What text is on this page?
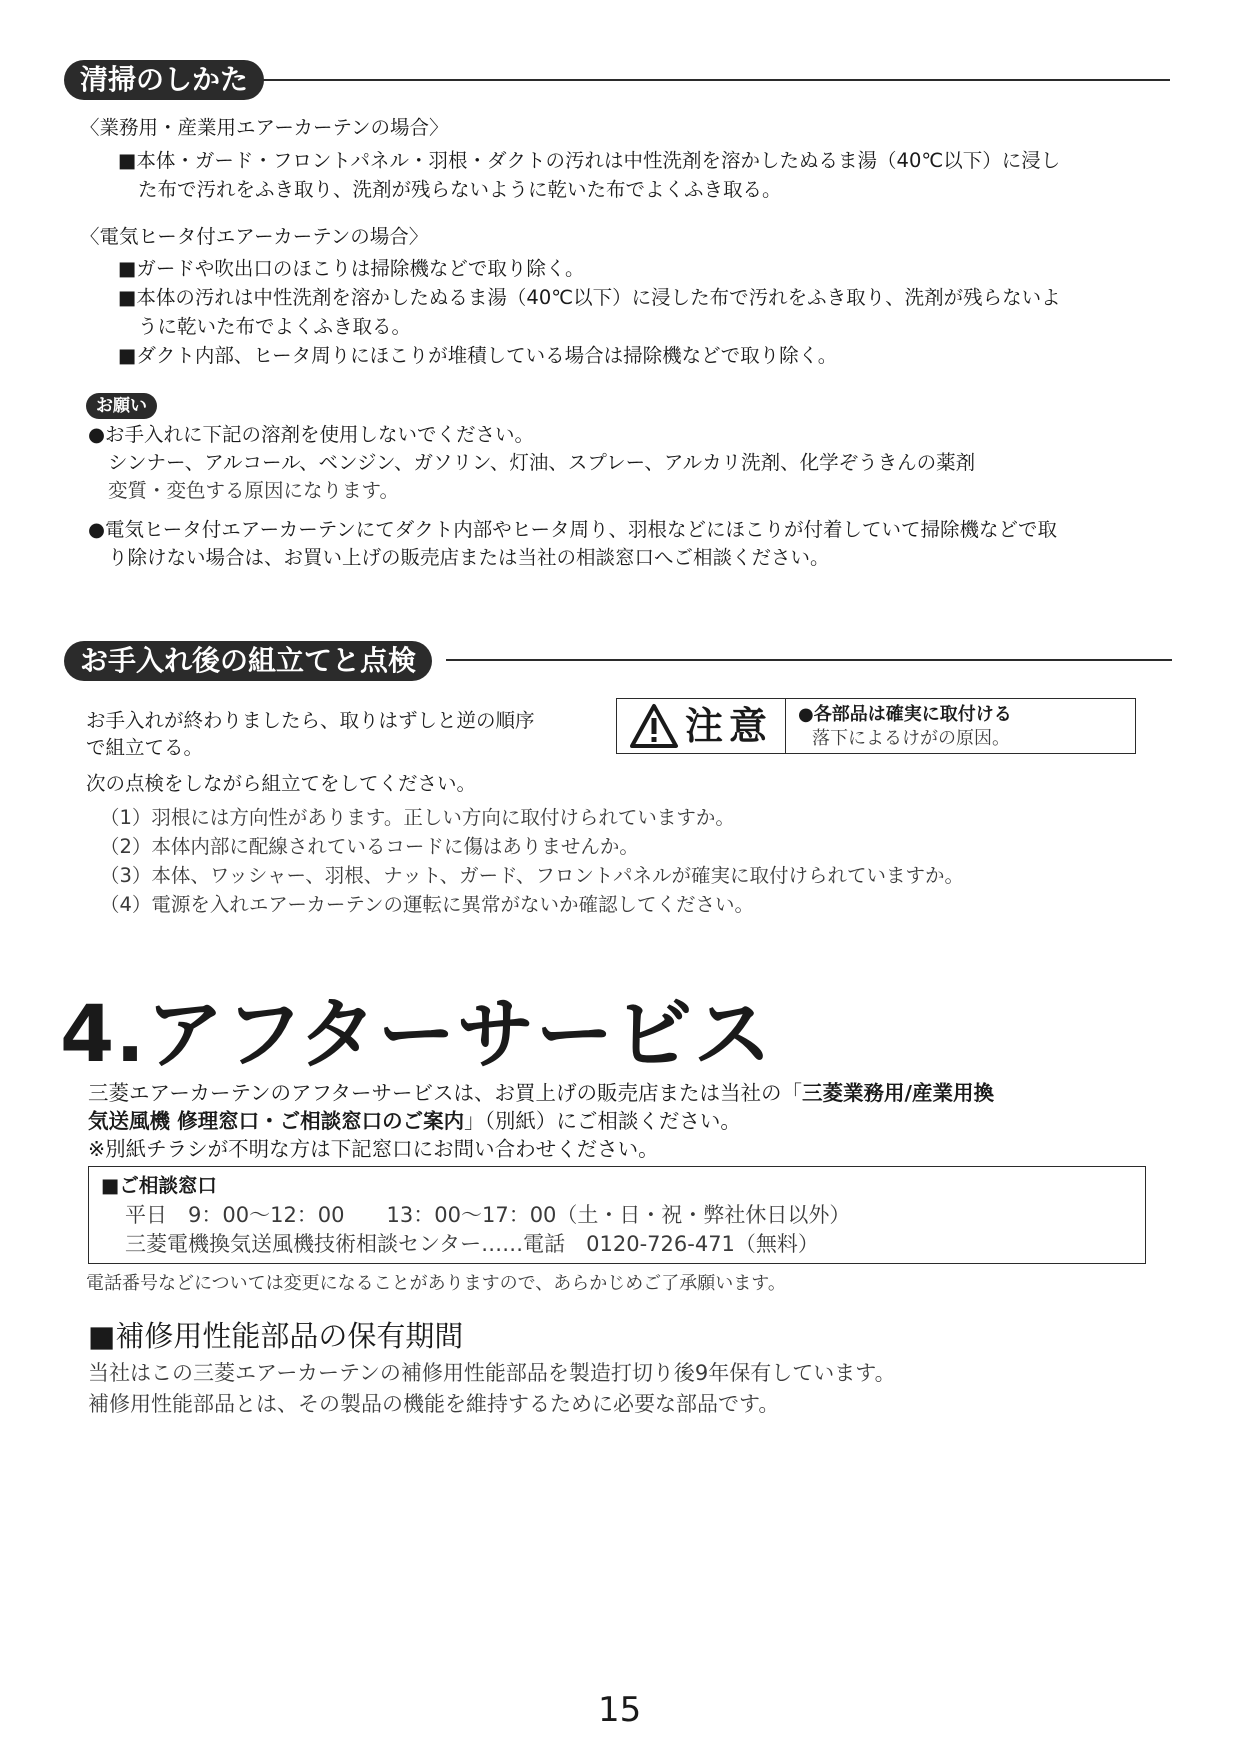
清掃のしかた
〈業務用・産業用エアーカーテンの場合〉
■本体・ガード・フロントパネル・羽根・ダクトの汚れは中性洗剤を溶かしたぬるま湯（40℃以下）に浸し
た布で汚れをふき取り、洗剤が残らないように乾いた布でよくふき取る。
〈電気ヒータ付エアーカーテンの場合〉
■ガードや吹出口のほこりは掃除機などで取り除く。
■本体の汚れは中性洗剤を溶かしたぬるま湯（40℃以下）に浸した布で汚れをふき取り、洗剤が残らないよ
うに乾いた布でよくふき取る。
■ダクト内部、ヒータ周りにほこりが堆積している場合は掃除機などで取り除く。
お願い
●お手入れに下記の溶剤を使用しないでください。
シンナー、アルコール、ベンジン、ガソリン、灯油、スプレー、アルカリ洗剤、化学ぞうきんの薬剤
変質・変色する原因になります。
●電気ヒータ付エアーカーテンにてダクト内部やヒータ周り、羽根などにほこりが付着していて掃除機などで取
り除けない場合は、お買い上げの販売店または当社の相談窓口へご相談ください。
お手入れ後の組立てと点検
お手入れが終わりましたら、取りはずしと逆の順序
で組立てる。	注意 ●各部品は確実に取付ける
落下によるけがの原因。
次の点検をしながら組立てをしてください。
（1）羽根には方向性があります。正しい方向に取付けられていますか。
（2）本体内部に配線されているコードに傷はありませんか。
（3）本体、ワッシャー、羽根、ナット、ガード、フロントパネルが確実に取付けられていますか。
（4）電源を入れエアーカーテンの運転に異常がないか確認してください。
4.アフターサービス
三菱エアーカーテンのアフターサービスは、お買上げの販売店または当社の「三菱業務用/産業用換
気送風機 修理窓口・ご相談窓口のご案内」（別紙）にご相談ください。
※別紙チラシが不明な方は下記窓口にお問い合わせください。
■ご相談窓口
平日　9：00〜12：00　　13：00〜17：00（土・日・祝・弊社休日以外）
三菱電機換気送風機技術相談センター……電話　0120-726-471（無料）
電話番号などについては変更になることがありますので、あらかじめご了承願います。
■補修用性能部品の保有期間
当社はこの三菱エアーカーテンの補修用性能部品を製造打切り後9年保有しています。
補修用性能部品とは、その製品の機能を維持するために必要な部品です。
15
